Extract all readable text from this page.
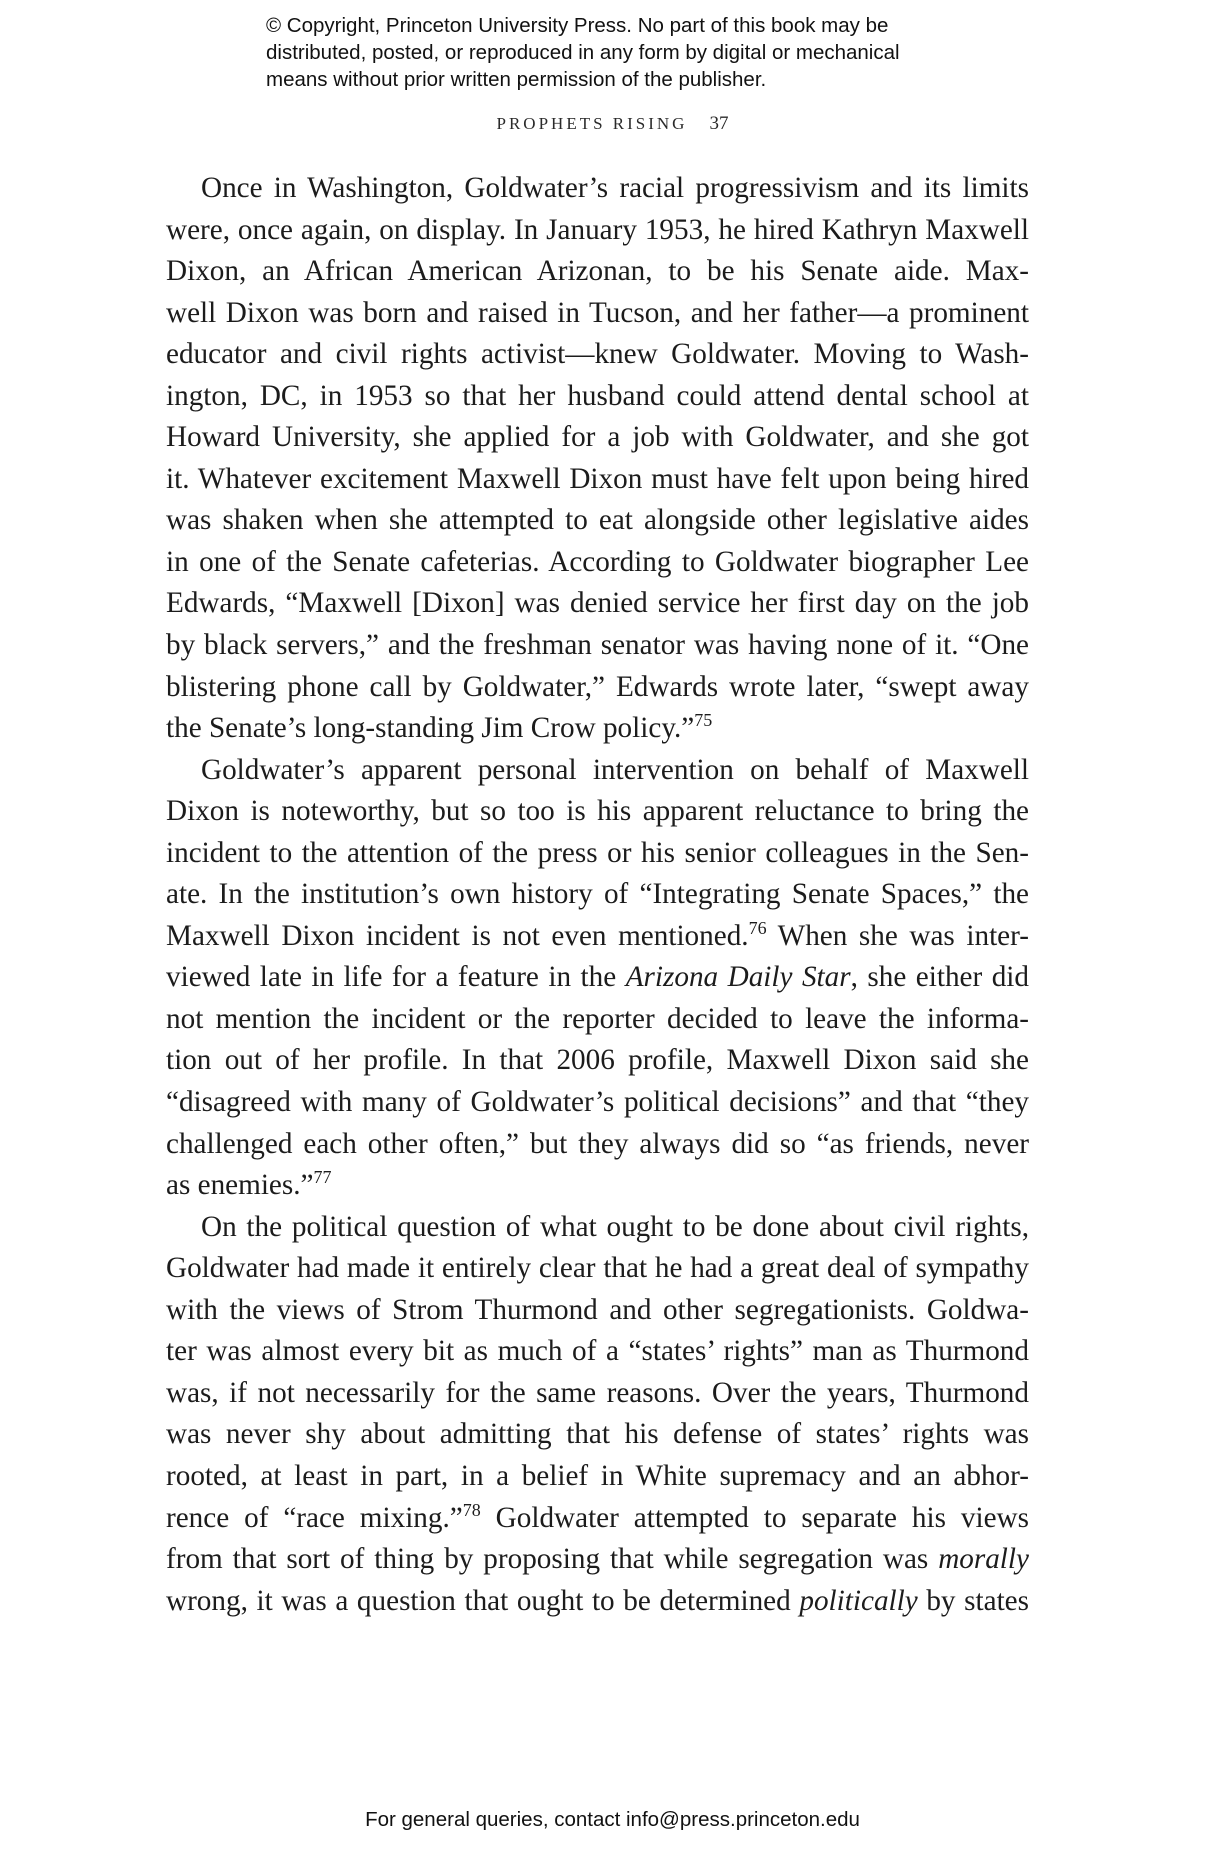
© Copyright, Princeton University Press. No part of this book may be
distributed, posted, or reproduced in any form by digital or mechanical
means without prior written permission of the publisher.
PROPHETS RISING 37
Once in Washington, Goldwater’s racial progressivism and its limits
were, once again, on display. In January 1953, he hired Kathryn Maxwell
Dixon, an African American Arizonan, to be his Senate aide. Max-
well Dixon was born and raised in Tucson, and her father—a prominent
educator and civil rights activist—knew Goldwater. Moving to Wash-
ington, DC, in 1953 so that her husband could attend dental school at
Howard University, she applied for a job with Goldwater, and she got
it. Whatever excitement Maxwell Dixon must have felt upon being hired
was shaken when she attempted to eat alongside other legislative aides
in one of the Senate cafeterias. According to Goldwater biographer Lee
Edwards, “Maxwell [Dixon] was denied service her first day on the job
by black servers,” and the freshman senator was having none of it. “One
blistering phone call by Goldwater,” Edwards wrote later, “swept away
the Senate’s long-standing Jim Crow policy.”$^{75}$
Goldwater’s apparent personal intervention on behalf of Maxwell
Dixon is noteworthy, but so too is his apparent reluctance to bring the
incident to the attention of the press or his senior colleagues in the Sen-
ate. In the institution’s own history of “Integrating Senate Spaces,” the
Maxwell Dixon incident is not even mentioned.$^{76}$ When she was inter-
viewed late in life for a feature in the Arizona Daily Star, she either did
not mention the incident or the reporter decided to leave the informa-
tion out of her profile. In that 2006 profile, Maxwell Dixon said she
“disagreed with many of Goldwater’s political decisions” and that “they
challenged each other often,” but they always did so “as friends, never
as enemies.”$^{77}$
On the political question of what ought to be done about civil rights,
Goldwater had made it entirely clear that he had a great deal of sympathy
with the views of Strom Thurmond and other segregationists. Goldwa-
ter was almost every bit as much of a “states’ rights” man as Thurmond
was, if not necessarily for the same reasons. Over the years, Thurmond
was never shy about admitting that his defense of states’ rights was
rooted, at least in part, in a belief in White supremacy and an abhor-
rence of “race mixing.”$^{78}$ Goldwater attempted to separate his views
from that sort of thing by proposing that while segregation was morally
wrong, it was a question that ought to be determined politically by states
For general queries, contact info@press.princeton.edu
